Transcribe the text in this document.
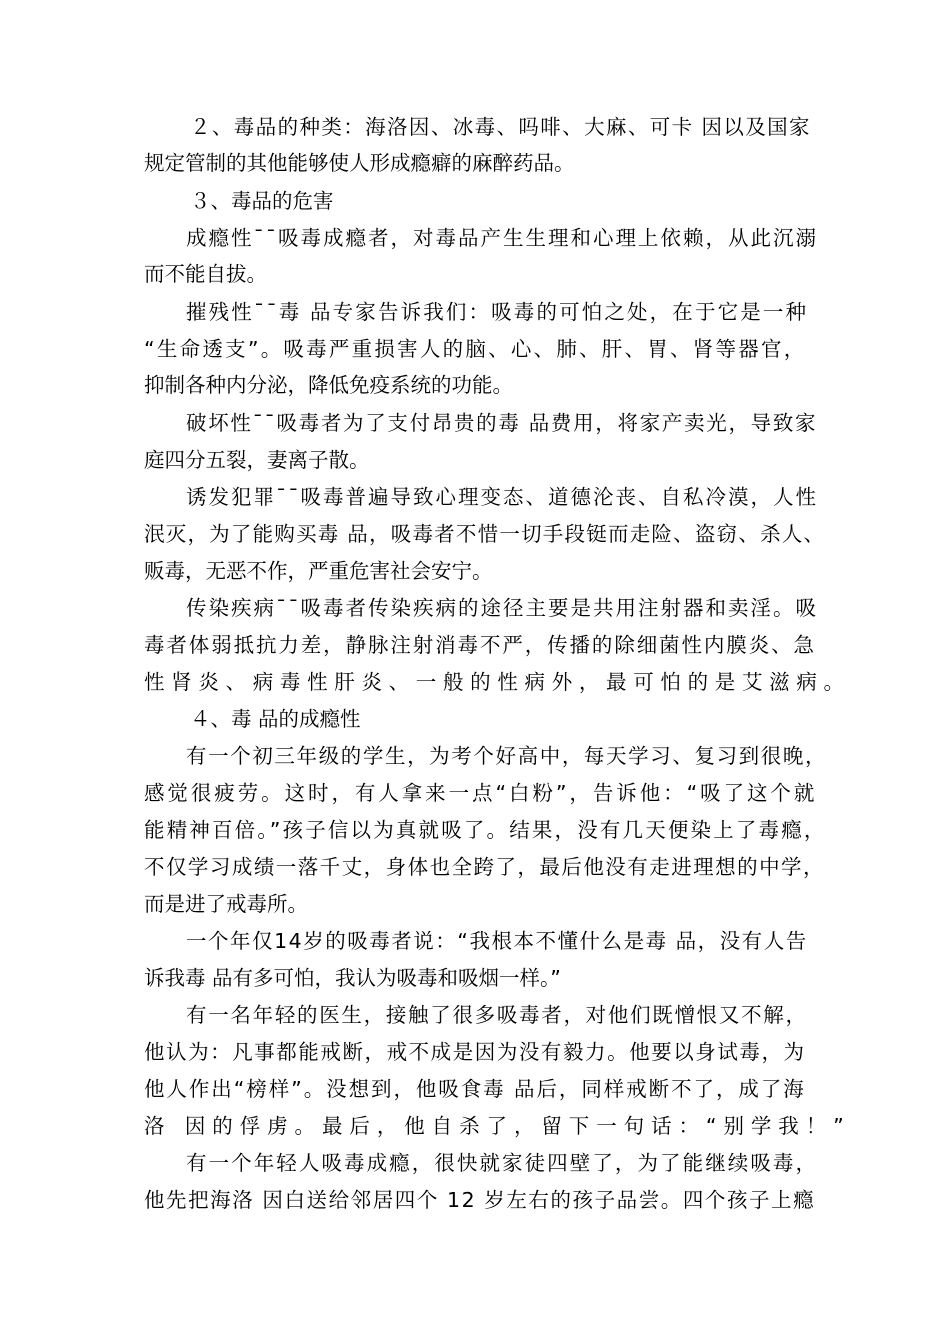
２、毒品的种类：海洛因、冰毒、吗啡、大麻、可卡 因以及国家
规定管制的其他能够使人形成瘾癖的麻醉药品。
３、毒品的危害
成瘾性¯¯吸毒成瘾者，对毒品产生生理和心理上依赖，从此沉溺
而不能自拔。
摧残性¯¯毒 品专家告诉我们：吸毒的可怕之处，在于它是一种
“生命透支”。吸毒严重损害人的脑、心、肺、肝、胃、肾等器官，
抑制各种内分泌，降低免疫系统的功能。
破坏性¯¯吸毒者为了支付昂贵的毒 品费用，将家产卖光，导致家
庭四分五裂，妻离子散。
诱发犯罪¯¯吸毒普遍导致心理变态、道德沦丧、自私冷漠，人性
泯灭，为了能购买毒 品，吸毒者不惜一切手段铤而走险、盗窃、杀人、
贩毒，无恶不作，严重危害社会安宁。
传染疾病¯¯吸毒者传染疾病的途径主要是共用注射器和卖淫。吸
毒者体弱抵抗力差，静脉注射消毒不严，传播的除细菌性内膜炎、急
性肾炎、病毒性肝炎、一般的性病外，最可怕的是艾滋病。
４、毒 品的成瘾性
有一个初三年级的学生，为考个好高中，每天学习、复习到很晚，
感觉很疲劳。这时，有人拿来一点“白粉”，告诉他：“吸了这个就
能精神百倍。”孩子信以为真就吸了。结果，没有几天便染上了毒瘾，
不仅学习成绩一落千丈，身体也全跨了，最后他没有走进理想的中学，
而是进了戒毒所。
一个年仅14岁的吸毒者说：“我根本不懂什么是毒 品，没有人告
诉我毒 品有多可怕，我认为吸毒和吸烟一样。”
有一名年轻的医生，接触了很多吸毒者，对他们既憎恨又不解，
他认为：凡事都能戒断，戒不成是因为没有毅力。他要以身试毒，为
他人作出“榜样”。没想到，他吸食毒 品后，同样戒断不了，成了海
洛 因的俘虏。最后，他自杀了，留下一句话：“别学我！”
有一个年轻人吸毒成瘾，很快就家徒四壁了，为了能继续吸毒，
他先把海洛 因白送给邻居四个 12 岁左右的孩子品尝。四个孩子上瘾
